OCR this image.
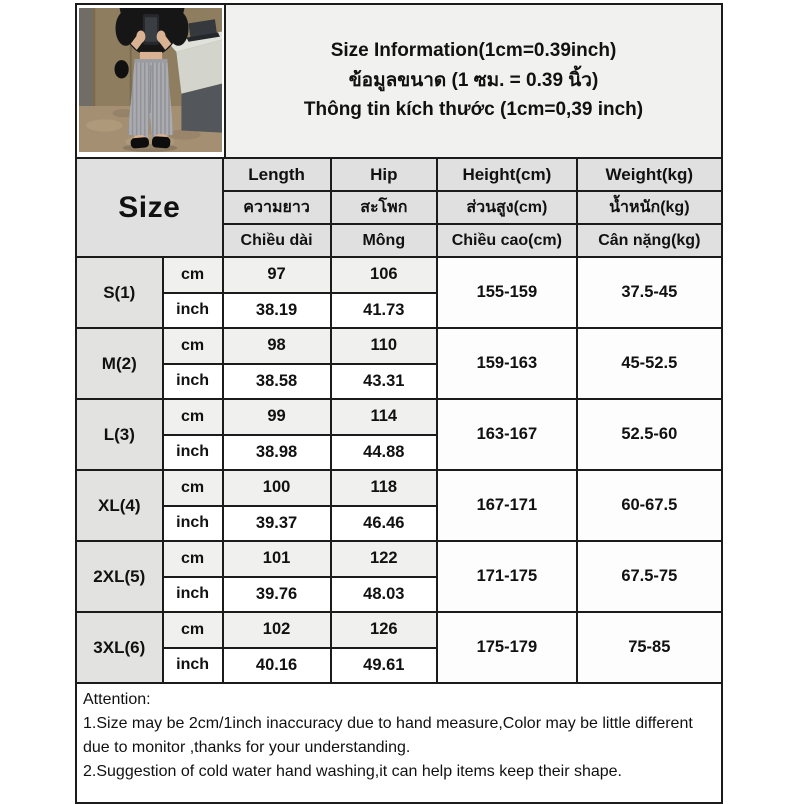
Size Information(1cm=0.39inch)
ข้อมูลขนาด (1 ซม. = 0.39 นิ้ว)
Thông tin kích thước (1cm=0,39 inch)
Size		Length	Hip	Height(cm)	Weight(kg)
		ความยาว	สะโพก	ส่วนสูง(cm)	น้ำหนัก(kg)
		Chiều dài	Mông	Chiều cao(cm)	Cân nặng(kg)
S(1)	cm	97	106	155-159	37.5-45
	inch	38.19	41.73		
M(2)	cm	98	110	159-163	45-52.5
	inch	38.58	43.31		
L(3)	cm	99	114	163-167	52.5-60
	inch	38.98	44.88		
XL(4)	cm	100	118	167-171	60-67.5
	inch	39.37	46.46		
2XL(5)	cm	101	122	171-175	67.5-75
	inch	39.76	48.03		
3XL(6)	cm	102	126	175-179	75-85
	inch	40.16	49.61		
Attention:
1.Size may be 2cm/1inch inaccuracy due to hand measure,Color may be little different due to monitor ,thanks for your understanding.
2.Suggestion of cold water hand washing,it can help items keep their shape.
